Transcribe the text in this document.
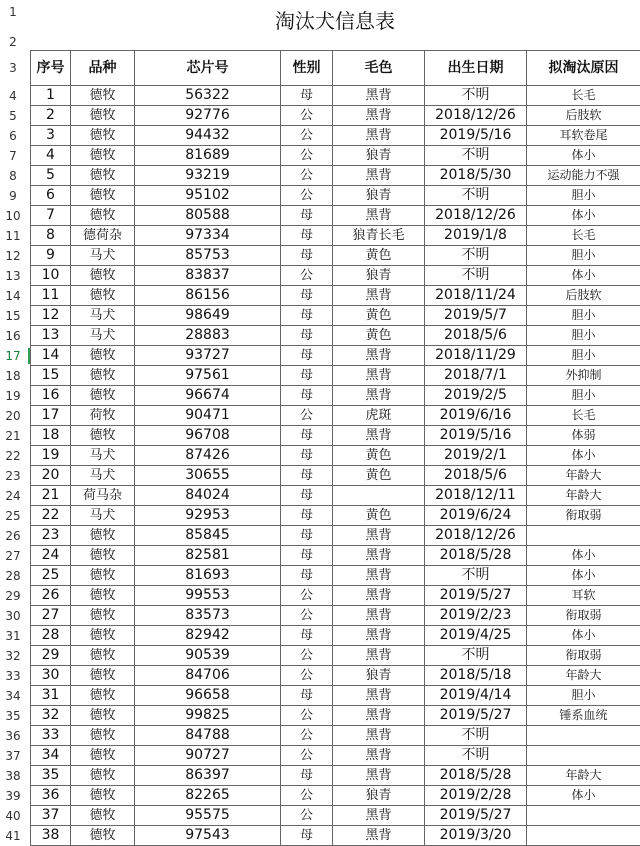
1
2
3
4
5
6
7
8
9
10
11
12
13
14
15
16
17
18
19
20
21
22
23
24
25
26
27
28
29
30
31
32
33
34
35
36
37
38
39
40
41
淘汰犬信息表
序号	品种	芯片号	性别	毛色	出生日期	拟淘汰原因
1	德牧	56322	母	黑背	不明	长毛
2	德牧	92776	公	黑背	2018/12/26	后肢软
3	德牧	94432	公	黑背	2019/5/16	耳软卷尾
4	德牧	81689	公	狼青	不明	体小
5	德牧	93219	公	黑背	2018/5/30	运动能力不强
6	德牧	95102	公	狼青	不明	胆小
7	德牧	80588	母	黑背	2018/12/26	体小
8	德荷杂	97334	母	狼青长毛	2019/1/8	长毛
9	马犬	85753	母	黄色	不明	胆小
10	德牧	83837	公	狼青	不明	体小
11	德牧	86156	母	黑背	2018/11/24	后肢软
12	马犬	98649	母	黄色	2019/5/7	胆小
13	马犬	28883	母	黄色	2018/5/6	胆小
14	德牧	93727	母	黑背	2018/11/29	胆小
15	德牧	97561	母	黑背	2018/7/1	外抑制
16	德牧	96674	母	黑背	2019/2/5	胆小
17	荷牧	90471	公	虎斑	2019/6/16	长毛
18	德牧	96708	母	黑背	2019/5/16	体弱
19	马犬	87426	母	黄色	2019/2/1	体小
20	马犬	30655	母	黄色	2018/5/6	年龄大
21	荷马杂	84024	母		2018/12/11	年龄大
22	马犬	92953	母	黄色	2019/6/24	衔取弱
23	德牧	85845	母	黑背	2018/12/26	
24	德牧	82581	母	黑背	2018/5/28	体小
25	德牧	81693	母	黑背	不明	体小
26	德牧	99553	公	黑背	2019/5/27	耳软
27	德牧	83573	公	黑背	2019/2/23	衔取弱
28	德牧	82942	母	黑背	2019/4/25	体小
29	德牧	90539	公	黑背	不明	衔取弱
30	德牧	84706	公	狼青	2018/5/18	年龄大
31	德牧	96658	母	黑背	2019/4/14	胆小
32	德牧	99825	公	黑背	2019/5/27	锤系血统
33	德牧	84788	公	黑背	不明	
34	德牧	90727	公	黑背	不明	
35	德牧	86397	母	黑背	2018/5/28	年龄大
36	德牧	82265	公	狼青	2019/2/28	体小
37	德牧	95575	公	黑背	2019/5/27	
38	德牧	97543	母	黑背	2019/3/20	
